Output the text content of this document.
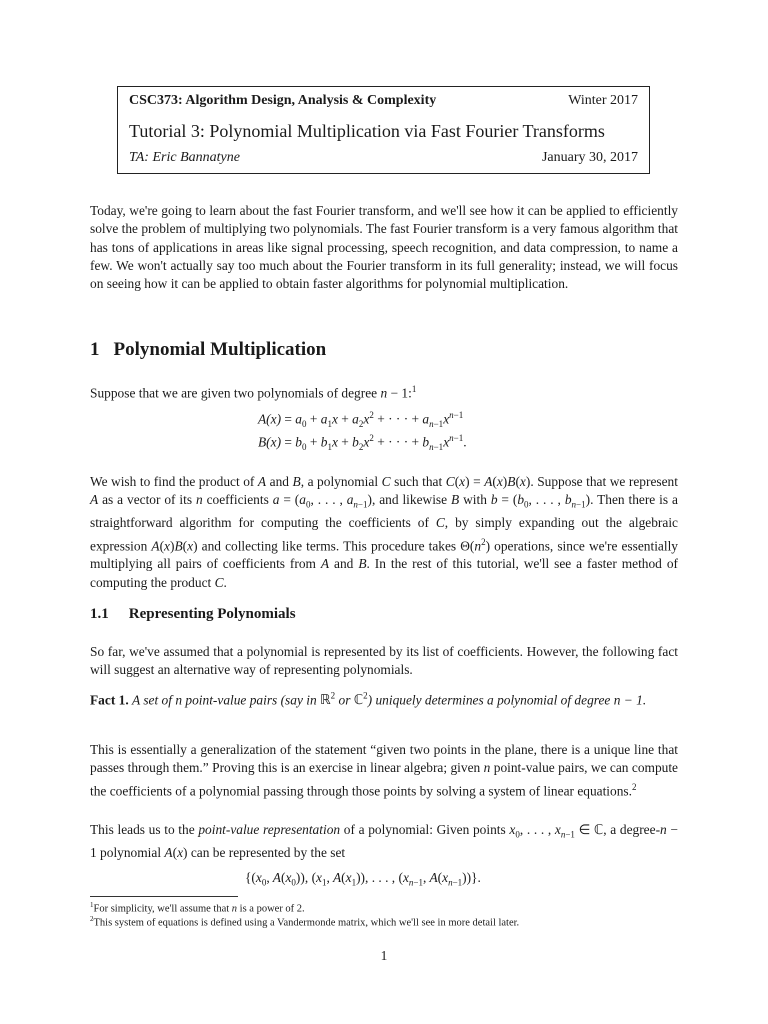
CSC373: Algorithm Design, Analysis & Complexity	Winter 2017
Tutorial 3: Polynomial Multiplication via Fast Fourier Transforms
TA: Eric Bannatyne	January 30, 2017

Today, we're going to learn about the fast Fourier transform, and we'll see how it can be applied to efficiently solve the problem of multiplying two polynomials. The fast Fourier transform is a very famous algorithm that has tons of applications in areas like signal processing, speech recognition, and data compression, to name a few. We won't actually say too much about the Fourier transform in its full generality; instead, we will focus on seeing how it can be applied to obtain faster algorithms for polynomial multiplication.

1 Polynomial Multiplication

Suppose that we are given two polynomials of degree n − 1:$^1$

$A(x) = a_0 + a_1x + a_2x^2$ + · · · + $a_{n-1}x^{n-1}$
$B(x) = b_0 + b_1x + b_2x^2$ + · · · + $b_{n-1}x^{n-1}$.

We wish to find the product of A and B, a polynomial C such that C(x) = A(x)B(x). Suppose that we represent A as a vector of its n coefficients $a = (a_0$, . . . , $a_{n-1}$), and likewise B with $b = (b_0$, . . . , $b_{n-1}$). Then there is a straightforward algorithm for computing the coefficients of C, by simply expanding out the algebraic expression A(x)B(x) and collecting like terms. This procedure takes $\Theta(n^2)$ operations, since we're essentially multiplying all pairs of coefficients from A and B. In the rest of this tutorial, we'll see a faster method of computing the product C.

1.1 Representing Polynomials

So far, we've assumed that a polynomial is represented by its list of coefficients. However, the following fact will suggest an alternative way of representing polynomials.

Fact 1. A set of n point-value pairs (say in ℝ$^2$ or ℂ$^2$) uniquely determines a polynomial of degree n − 1.

This is essentially a generalization of the statement “given two points in the plane, there is a unique line that passes through them.” Proving this is an exercise in linear algebra; given n point-value pairs, we can compute the coefficients of a polynomial passing through those points by solving a system of linear equations.$^2$

This leads us to the point-value representation of a polynomial: Given points $x_0$, . . . , $x_{n-1}$ ∈ ℂ, a degree-n − 1 polynomial A(x) can be represented by the set

{($x_0$, $A(x_0)$), ($x_1$, $A(x_1)$), . . . , ($x_{n-1}$, $A(x_{n-1})$)}.

$^1$For simplicity, we'll assume that n is a power of 2.

$^2$This system of equations is defined using a Vandermonde matrix, which we'll see in more detail later.

1
